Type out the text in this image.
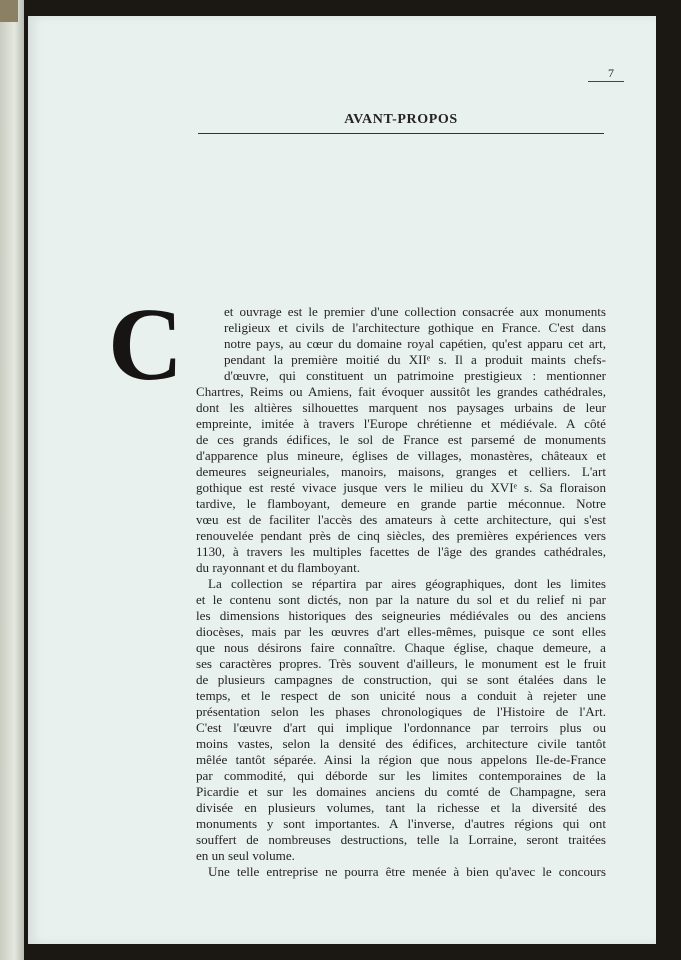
7

AVANT-PROPOS
C	et ouvrage est le premier d'une collection consacrée aux monuments
religieux et civils de l'architecture gothique en France. C'est dans
notre pays, au cœur du domaine royal capétien, qu'est apparu cet art,
pendant la première moitié du XIIᵉ s. Il a produit maints chefs-
d'œuvre, qui constituent un patrimoine prestigieux : mentionner
Chartres, Reims ou Amiens, fait évoquer aussitôt les grandes cathédrales,
dont les altières silhouettes marquent nos paysages urbains de leur
empreinte, imitée à travers l'Europe chrétienne et médiévale. A côté
de ces grands édifices, le sol de France est parsemé de monuments
d'apparence plus mineure, églises de villages, monastères, châteaux et
demeures seigneuriales, manoirs, maisons, granges et celliers. L'art
gothique est resté vivace jusque vers le milieu du XVIᵉ s. Sa floraison
tardive, le flamboyant, demeure en grande partie méconnue. Notre
vœu est de faciliter l'accès des amateurs à cette architecture, qui s'est
renouvelée pendant près de cinq siècles, des premières expériences vers
1130, à travers les multiples facettes de l'âge des grandes cathédrales,
du rayonnant et du flamboyant.
La collection se répartira par aires géographiques, dont les limites
et le contenu sont dictés, non par la nature du sol et du relief ni par
les dimensions historiques des seigneuries médiévales ou des anciens
diocèses, mais par les œuvres d'art elles-mêmes, puisque ce sont elles
que nous désirons faire connaître. Chaque église, chaque demeure, a
ses caractères propres. Très souvent d'ailleurs, le monument est le fruit
de plusieurs campagnes de construction, qui se sont étalées dans le
temps, et le respect de son unicité nous a conduit à rejeter une
présentation selon les phases chronologiques de l'Histoire de l'Art.
C'est l'œuvre d'art qui implique l'ordonnance par terroirs plus ou
moins vastes, selon la densité des édifices, architecture civile tantôt
mêlée tantôt séparée. Ainsi la région que nous appelons Ile-de-France
par commodité, qui déborde sur les limites contemporaines de la
Picardie et sur les domaines anciens du comté de Champagne, sera
divisée en plusieurs volumes, tant la richesse et la diversité des
monuments y sont importantes. A l'inverse, d'autres régions qui ont
souffert de nombreuses destructions, telle la Lorraine, seront traitées
en un seul volume.
Une telle entreprise ne pourra être menée à bien qu'avec le concours
